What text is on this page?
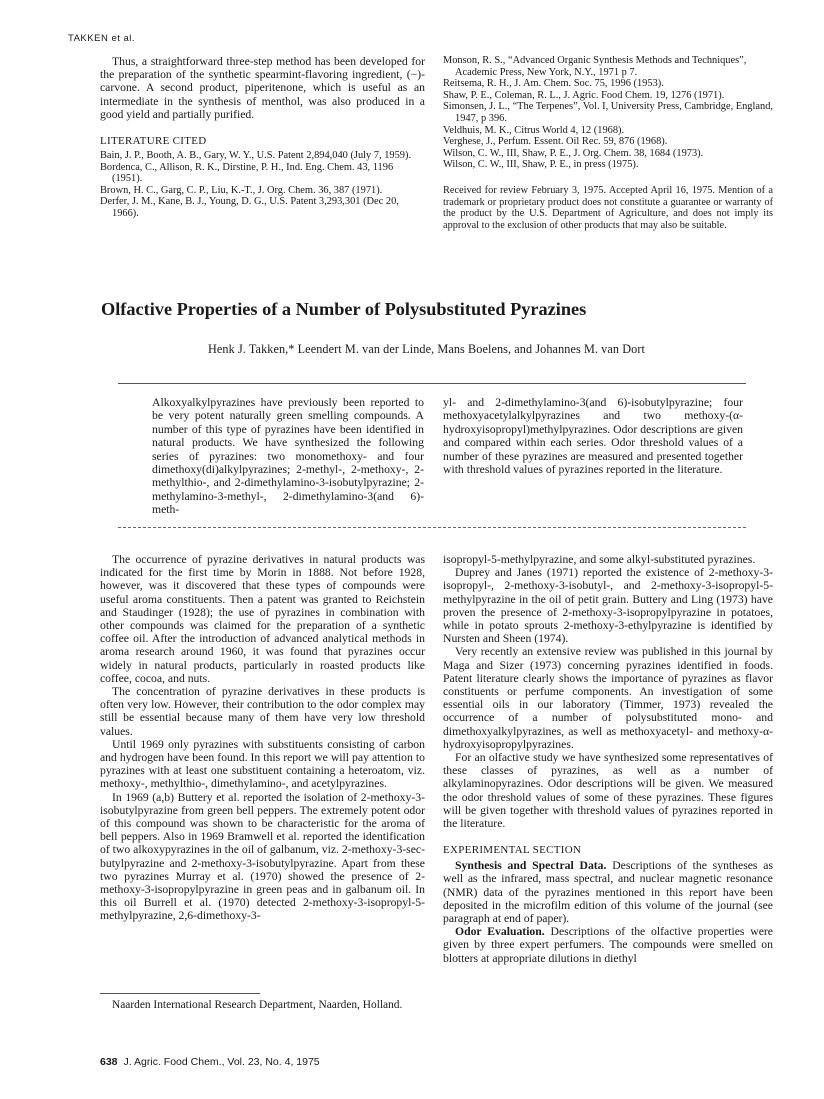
TAKKEN et al.

Thus, a straightforward three-step method has been developed for the preparation of the synthetic spearmint-flavoring ingredient, (−)-carvone. A second product, piperitenone, which is useful as an intermediate in the synthesis of menthol, was also produced in a good yield and partially purified.

LITERATURE CITED
Bain, J. P., Booth, A. B., Gary, W. Y., U.S. Patent 2,894,040 (July 7, 1959).
Bordenca, C., Allison, R. K., Dirstine, P. H., Ind. Eng. Chem. 43, 1196 (1951).
Brown, H. C., Garg, C. P., Liu, K.-T., J. Org. Chem. 36, 387 (1971).
Derfer, J. M., Kane, B. J., Young, D. G., U.S. Patent 3,293,301 (Dec 20, 1966).
Monson, R. S., “Advanced Organic Synthesis Methods and Techniques”, Academic Press, New York, N.Y., 1971 p 7.
Reitsema, R. H., J. Am. Chem. Soc. 75, 1996 (1953).
Shaw, P. E., Coleman, R. L., J. Agric. Food Chem. 19, 1276 (1971).
Simonsen, J. L., “The Terpenes”, Vol. I, University Press, Cambridge, England, 1947, p 396.
Veldhuis, M. K., Citrus World 4, 12 (1968).
Verghese, J., Perfum. Essent. Oil Rec. 59, 876 (1968).
Wilson, C. W., III, Shaw, P. E., J. Org. Chem. 38, 1684 (1973).
Wilson, C. W., III, Shaw, P. E., in press (1975).

Received for review February 3, 1975. Accepted April 16, 1975. Mention of a trademark or proprietary product does not constitute a guarantee or warranty of the product by the U.S. Department of Agriculture, and does not imply its approval to the exclusion of other products that may also be suitable.

Olfactive Properties of a Number of Polysubstituted Pyrazines
Henk J. Takken,* Leendert M. van der Linde, Mans Boelens, and Johannes M. van Dort

Alkoxyalkylpyrazines have previously been reported to be very potent naturally green smelling compounds. A number of this type of pyrazines have been identified in natural products. We have synthesized the following series of pyrazines: two monomethoxy- and four dimethoxy(di)alkylpyrazines; 2-methyl-, 2-methoxy-, 2-methylthio-, and 2-dimethylamino-3-isobutylpyrazine; 2-methylamino-3-methyl-, 2-dimethylamino-3(and 6)-meth-

yl- and 2-dimethylamino-3(and 6)-isobutylpyrazine; four methoxyacetylalkylpyrazines and two methoxy-(α-hydroxyisopropyl)methylpyrazines. Odor descriptions are given and compared within each series. Odor threshold values of a number of these pyrazines are measured and presented together with threshold values of pyrazines reported in the literature.

The occurrence of pyrazine derivatives in natural products was indicated for the first time by Morin in 1888. Not before 1928, however, was it discovered that these types of compounds were useful aroma constituents. Then a patent was granted to Reichstein and Staudinger (1928); the use of pyrazines in combination with other compounds was claimed for the preparation of a synthetic coffee oil. After the introduction of advanced analytical methods in aroma research around 1960, it was found that pyrazines occur widely in natural products, particularly in roasted products like coffee, cocoa, and nuts.

The concentration of pyrazine derivatives in these products is often very low. However, their contribution to the odor complex may still be essential because many of them have very low threshold values.

Until 1969 only pyrazines with substituents consisting of carbon and hydrogen have been found. In this report we will pay attention to pyrazines with at least one substituent containing a heteroatom, viz. methoxy-, methylthio-, dimethylamino-, and acetylpyrazines.

In 1969 (a,b) Buttery et al. reported the isolation of 2-methoxy-3-isobutylpyrazine from green bell peppers. The extremely potent odor of this compound was shown to be characteristic for the aroma of bell peppers. Also in 1969 Bramwell et al. reported the identification of two alkoxypyrazines in the oil of galbanum, viz. 2-methoxy-3-sec-butylpyrazine and 2-methoxy-3-isobutylpyrazine. Apart from these two pyrazines Murray et al. (1970) showed the presence of 2-methoxy-3-isopropylpyrazine in green peas and in galbanum oil. In this oil Burrell et al. (1970) detected 2-methoxy-3-isopropyl-5-methylpyrazine, 2,6-dimethoxy-3-

isopropyl-5-methylpyrazine, and some alkyl-substituted pyrazines.

Duprey and Janes (1971) reported the existence of 2-methoxy-3-isopropyl-, 2-methoxy-3-isobutyl-, and 2-methoxy-3-isopropyl-5-methylpyrazine in the oil of petit grain. Buttery and Ling (1973) have proven the presence of 2-methoxy-3-isopropylpyrazine in potatoes, while in potato sprouts 2-methoxy-3-ethylpyrazine is identified by Nursten and Sheen (1974).

Very recently an extensive review was published in this journal by Maga and Sizer (1973) concerning pyrazines identified in foods. Patent literature clearly shows the importance of pyrazines as flavor constituents or perfume components. An investigation of some essential oils in our laboratory (Timmer, 1973) revealed the occurrence of a number of polysubstituted mono- and dimethoxyalkylpyrazines, as well as methoxyacetyl- and methoxy-α-hydroxyisopropylpyrazines.

For an olfactive study we have synthesized some representatives of these classes of pyrazines, as well as a number of alkylaminopyrazines. Odor descriptions will be given. We measured the odor threshold values of some of these pyrazines. These figures will be given together with threshold values of pyrazines reported in the literature.

EXPERIMENTAL SECTION

Synthesis and Spectral Data. Descriptions of the syntheses as well as the infrared, mass spectral, and nuclear magnetic resonance (NMR) data of the pyrazines mentioned in this report have been deposited in the microfilm edition of this volume of the journal (see paragraph at end of paper).

Odor Evaluation. Descriptions of the olfactive properties were given by three expert perfumers. The compounds were smelled on blotters at appropriate dilutions in diethyl

Naarden International Research Department, Naarden, Holland.

638 J. Agric. Food Chem., Vol. 23, No. 4, 1975
